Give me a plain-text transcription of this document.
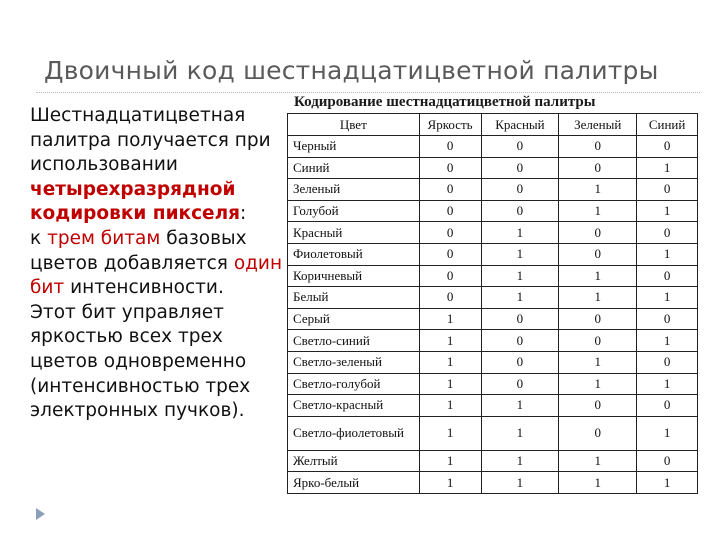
Двоичный код шестнадцатицветной палитры
Шестнадцатицветная
палитра получается при
использовании
четырехразрядной
кодировки пикселя:
к трем битам базовых
цветов добавляется один
бит интенсивности.
Этот бит управляет
яркостью всех трех
цветов одновременно
(интенсивностью трех
электронных пучков).
Кодирование шестнадцатицветной палитры
Цвет	Яркость	Красный	Зеленый	Синий
Черный	0	0	0	0
Синий	0	0	0	1
Зеленый	0	0	1	0
Голубой	0	0	1	1
Красный	0	1	0	0
Фиолетовый	0	1	0	1
Коричневый	0	1	1	0
Белый	0	1	1	1
Серый	1	0	0	0
Светло-синий	1	0	0	1
Светло-зеленый	1	0	1	0
Светло-голубой	1	0	1	1
Светло-красный	1	1	0	0
Светло-фиолетовый	1	1	0	1
Желтый	1	1	1	0
Ярко-белый	1	1	1	1
